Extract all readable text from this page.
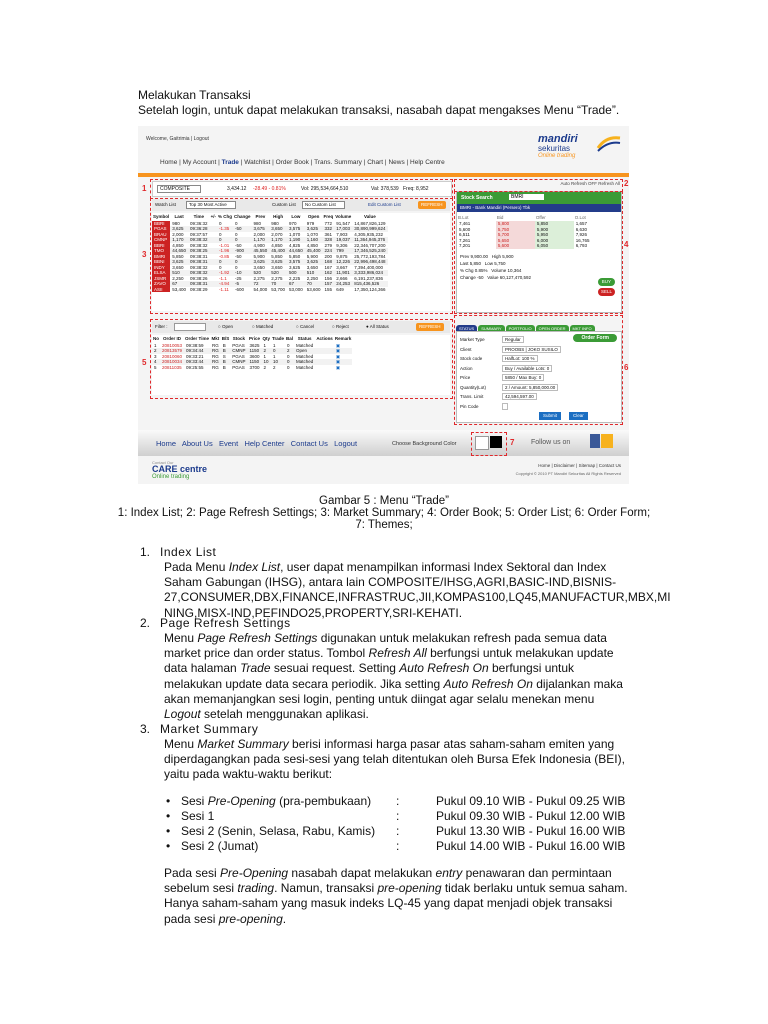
Melakukan Transaksi
Setelah login, untuk dapat melakukan transaksi, nasabah dapat mengakses Menu “Trade”.
Welcome, Gaitrimia | Logout	mandiri
sekuritas
Online trading
Home | My Account | Trade | Watchlist | Order Book | Trans. Summary | Chart | News | Help Centre
COMPOSITE	3,434.12 -28.49 - 0.81%	Vol: 295,534,664,510	Val: 378,539 Freq: 8,952
Watch List	Top 30 Most Active	Custom List	No Custom List	Edit Custom List	REFRESH
Symbol	Last	Time	+/-	% Chg	Change	Prev	High	Low	Open	Freq	Volume	Value
BBRI	980	09:36:32		0	0	980	980	970	979	772	91,547	14,867,826,129
PGAS	3,625	09:36:28		-1.35	-50	3,675	3,650	3,575	3,625	332	17,003	30,890,999,624
BRAU	2,000	09:37:57		0	0	2,000	2,070	1,070	1,070	361	7,903	4,305,935,232
CMNP	1,170	09:38:32		0	0	1,170	1,170	1,190	1,160	328	19,037	11,364,945,376
BBRI	4,850	09:38:32		-1.01	-50	4,900	4,850	4,825	4,850	279	9,306	22,346,707,200
TMO	44,650	09:38:25		-1.96	-900	45,550	45,400	44,650	45,400	224	799	17,346,525,240
BMRI	5,850	09:38:31		-0.85	-50	5,900	5,850	5,850	5,900	200	9,875	25,772,193,784
BBNI	3,625	09:38:31		0	0	3,625	3,625	3,575	3,625	168	12,226	22,996,498,448
INDY	3,650	09:38:32		0	0	3,650	3,650	3,625	3,650	167	3,667	7,394,400,000
ELSA	510	09:38:32		-1.92	-10	520	520	500	510	162	11,901	3,333,986,024
JSMR	2,250	09:38:26		-1.1	-25	2,275	2,275	2,225	2,250	156	2,666	6,191,237,836
ZAVO	67	09:38:31		-4.94	-5	72	70	67	70	157	24,253	815,436,526
ASII	53,400	09:38:29		-1.11	-600	54,000	53,700	53,000	53,600	155	649	17,350,124,366
Auto Refresh OFF Refresh All
Stock Search	BMRI
BMRI - Bank Mandiri (Persero) Tbk
B.Lot	Bid	Offer	O.Lot
7,461	5,800	5,850	1,657
5,600	5,750	5,900	6,630
6,511	5,700	5,950	7,926
7,261	5,650	6,000	16,765
7,201	5,600	6,050	6,793
Prev 9,900.00 High 5,900
Last 5,850 Low 5,750
% Chg 0.85% Volume 10,364
Change -50 Value 60,127,470,592
BUY
SELL
Filter :	○ Open	○ Matched	○ Cancel	○ Reject	● All Status	REFRESH
No	Order ID	Order Time	Mkt	B/S	Stock	Price	Qty	Trade	Bal	Status	Actions	Remark
1	20810053	09:38:59	RG	B	PGAS	3625	1	1	0	Matched		▣
2	20813579	09:34:44	RG	B	CMNP	1150	2	0	2	Open		▣
3	20810060	09:33:21	RG	S	PGAS	3600	1	1	0	Matched		▣
4	20810034	09:33:44	RG	B	CMNP	1150	10	10	0	Matched		▣
5	20811035	09:25:55	RG	B	PGAS	3700	2	2	0	Matched		▣
STATUS SUMMARY PORTFOLIO OPEN ORDER MKT INFO
Order Form
Market Type	Regular
Client	PROOBS | JOKO SUSILO
Stock code	HalfLot: 100 %
Action	Buy / Available Lots: 0
Price	5850 / Max Buy: 0
Quantity(Lot)	2 / Amount: 5,850,000.00
Trans. Limit	42,594,597.00
Pin Code
Submit	Clear
Home About Us Event Help Center Contact Us Logout	Choose Background Color	Follow us on
Contact Our
CARE centre
Online trading
Home | Disclaimer | Sitemap | Contact Us
Copyright © 2010 PT Mandiri Sekuritas All Rights Reserved
1
2
3
4
5
6
7
Gambar 5 : Menu “Trade”
1: Index List; 2: Page Refresh Settings; 3: Market Summary; 4: Order Book; 5: Order List; 6: Order Form;
7: Themes;
1. Index List
Pada Menu Index List, user dapat menampilkan informasi Index Sektoral dan Index
Saham Gabungan (IHSG), antara lain COMPOSITE/IHSG,AGRI,BASIC-IND,BISNIS-
27,CONSUMER,DBX,FINANCE,INFRASTRUC,JII,KOMPAS100,LQ45,MANUFACTUR,MBX,MI
NING,MISX-IND,PEFINDO25,PROPERTY,SRI-KEHATI.
2. Page Refresh Settings
Menu Page Refresh Settings digunakan untuk melakukan refresh pada semua data
market price dan order status. Tombol Refresh All berfungsi untuk melakukan update
data halaman Trade sesuai request. Setting Auto Refresh On berfungsi untuk
melakukan update data secara periodik. Jika setting Auto Refresh On dijalankan maka
akan memanjangkan sesi login, penting untuk diingat agar selalu menekan menu
Logout setelah menggunakan aplikasi.
3. Market Summary
Menu Market Summary berisi informasi harga pasar atas saham-saham emiten yang
diperdagangkan pada sesi-sesi yang telah ditentukan oleh Bursa Efek Indonesia (BEI),
yaitu pada waktu-waktu berikut:
• Sesi Pre-Opening (pra-pembukaan) :	Pukul 09.10 WIB - Pukul 09.25 WIB
• Sesi 1	:	Pukul 09.30 WIB - Pukul 12.00 WIB
• Sesi 2 (Senin, Selasa, Rabu, Kamis) :	Pukul 13.30 WIB - Pukul 16.00 WIB
• Sesi 2 (Jumat)	:	Pukul 14.00 WIB - Pukul 16.00 WIB
Pada sesi Pre-Opening nasabah dapat melakukan entry penawaran dan permintaan
sebelum sesi trading. Namun, transaksi pre-opening tidak berlaku untuk semua saham.
Hanya saham-saham yang masuk indeks LQ-45 yang dapat menjadi objek transaksi
pada sesi pre-opening.
